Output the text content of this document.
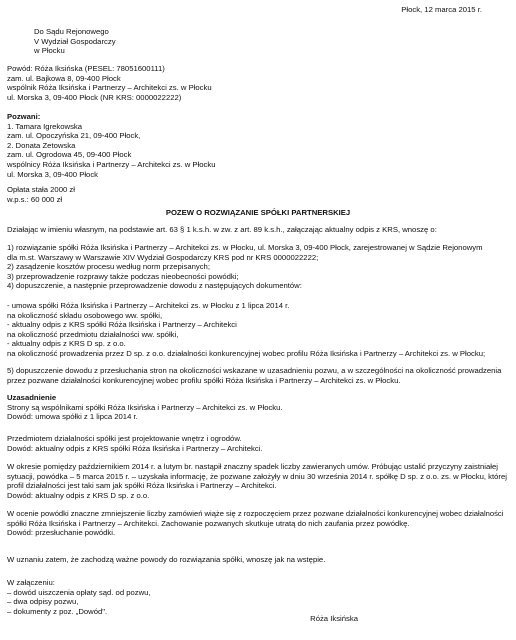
Płock, 12 marca 2015 r.
Do Sądu Rejonowego
V Wydział Gospodarczy
w Płocku
Powód: Róża Iksińska (PESEL: 78051600111)
zam. ul. Bajkowa 8, 09-400 Płock
wspólnik Róża Iksińska i Partnerzy – Architekci zs. w Płocku
ul. Morska 3, 09-400 Płock (NR KRS: 0000022222)
Pozwani:
1. Tamara Igrekowska
zam. ul. Opoczyńska 21, 09-400 Płock,
2. Donata Zetowska
zam. ul. Ogrodowa 45, 09-400 Płock
wspólnicy Róża Iksińska i Partnerzy – Architekci zs. w Płocku
ul. Morska 3, 09-400 Płock
Opłata stała 2000 zł
w.p.s.: 60 000 zł
POZEW O ROZWIĄZANIE SPÓŁKI PARTNERSKIEJ
Działając w imieniu własnym, na podstawie art. 63 § 1 k.s.h. w zw. z art. 89 k.s.h., załączając aktualny odpis z KRS, wnoszę o:
1) rozwiązanie spółki Róża Iksińska i Partnerzy – Architekci zs. w Płocku, ul. Morska 3, 09-400 Płock, zarejestrowanej w Sądzie Rejonowym
dla m.st. Warszawy w Warszawie XIV Wydział Gospodarczy KRS pod nr KRS 0000022222;
2) zasądzenie kosztów procesu według norm przepisanych;
3) przeprowadzenie rozprawy także podczas nieobecności powódki;
4) dopuszczenie, a następnie przeprowadzenie dowodu z następujących dokumentów:
- umowa spółki Róża Iksińska i Partnerzy – Architekci zs. w Płocku z 1 lipca 2014 r.
na okoliczność składu osobowego ww. spółki,
- aktualny odpis z KRS spółki Róża Iksińska i Partnerzy – Architekci
na okoliczność przedmiotu działalności ww. spółki,
- aktualny odpis z KRS D sp. z o.o.
na okoliczność prowadzenia przez D sp. z o.o. działalności konkurencyjnej wobec profilu Róża Iksińska i Partnerzy – Architekci zs. w Płocku;
5) dopuszczenie dowodu z przesłuchania stron na okoliczności wskazane w uzasadnieniu pozwu, a w szczególności na okoliczność prowadzenia
przez pozwane działalności konkurencyjnej wobec profilu spółki Róża Iksińska i Partnerzy – Architekci zs. w Płocku.
Uzasadnienie
Strony są wspólnikami spółki Róża Iksińska i Partnerzy – Architekci zs. w Płocku.
Dowód: umowa spółki z 1 lipca 2014 r.
Przedmiotem działalności spółki jest projektowanie wnętrz i ogrodów.
Dowód: aktualny odpis z KRS spółki Róża Iksińska i Partnerzy – Architekci.
W okresie pomiędzy październikiem 2014 r. a lutym br. nastąpił znaczny spadek liczby zawieranych umów. Próbując ustalić przyczyny zaistniałej
sytuacji, powódka – 5 marca 2015 r. – uzyskała informację, że pozwane założyły w dniu 30 września 2014 r. spółkę D sp. z o.o. zs. w Płocku, której
profil działalności jest taki sam jak spółki Róża Iksińska i Partnerzy – Architekci.
Dowód: aktualny odpis z KRS D sp. z o.o.
W ocenie powódki znaczne zmniejszenie liczby zamówień wiąże się z rozpoczęciem przez pozwane działalności konkurencyjnej wobec działalności
spółki Róża Iksińska i Partnerzy – Architekci. Zachowanie pozwanych skutkuje utratą do nich zaufania przez powódkę.
Dowód: przesłuchanie powódki.
W uznaniu zatem, że zachodzą ważne powody do rozwiązania spółki, wnoszę jak na wstępie.
W załączeniu:
– dowód uiszczenia opłaty sąd. od pozwu,
– dwa odpisy pozwu,
– dokumenty z poz. „Dowód".
Róża Iksińska
